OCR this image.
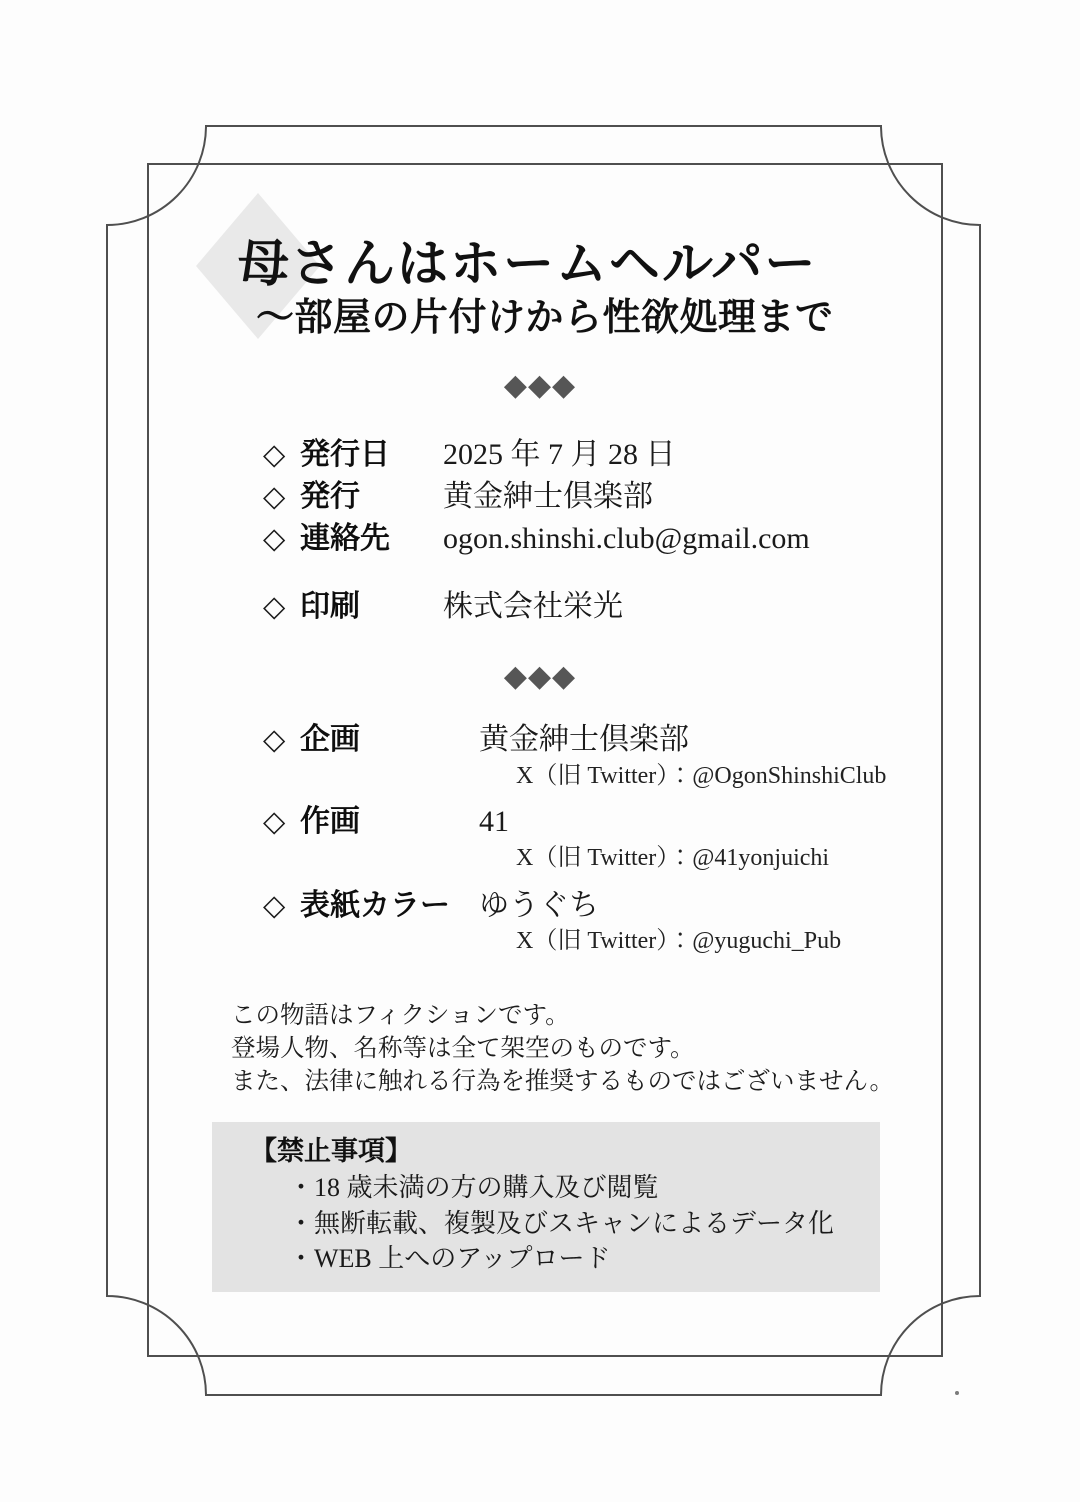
母さんはホームヘルパー
～部屋の片付けから性欲処理まで
◆◆◆
◇ 発行日	2025 年 7 月 28 日
◇ 発行	黄金紳士倶楽部
◇ 連絡先	ogon.shinshi.club@gmail.com
◇ 印刷	株式会社栄光
◆◆◆
◇ 企画	黄金紳士倶楽部
X（旧 Twitter）：@OgonShinshiClub
◇ 作画	41
X（旧 Twitter）：@41yonjuichi
◇ 表紙カラー ゆうぐち
X（旧 Twitter）：@yuguchi_Pub
この物語はフィクションです。
登場人物、名称等は全て架空のものです。
また、法律に触れる行為を推奨するものではございません。
【禁止事項】
・18 歳未満の方の購入及び閲覧
・無断転載、複製及びスキャンによるデータ化
・WEB 上へのアップロード
